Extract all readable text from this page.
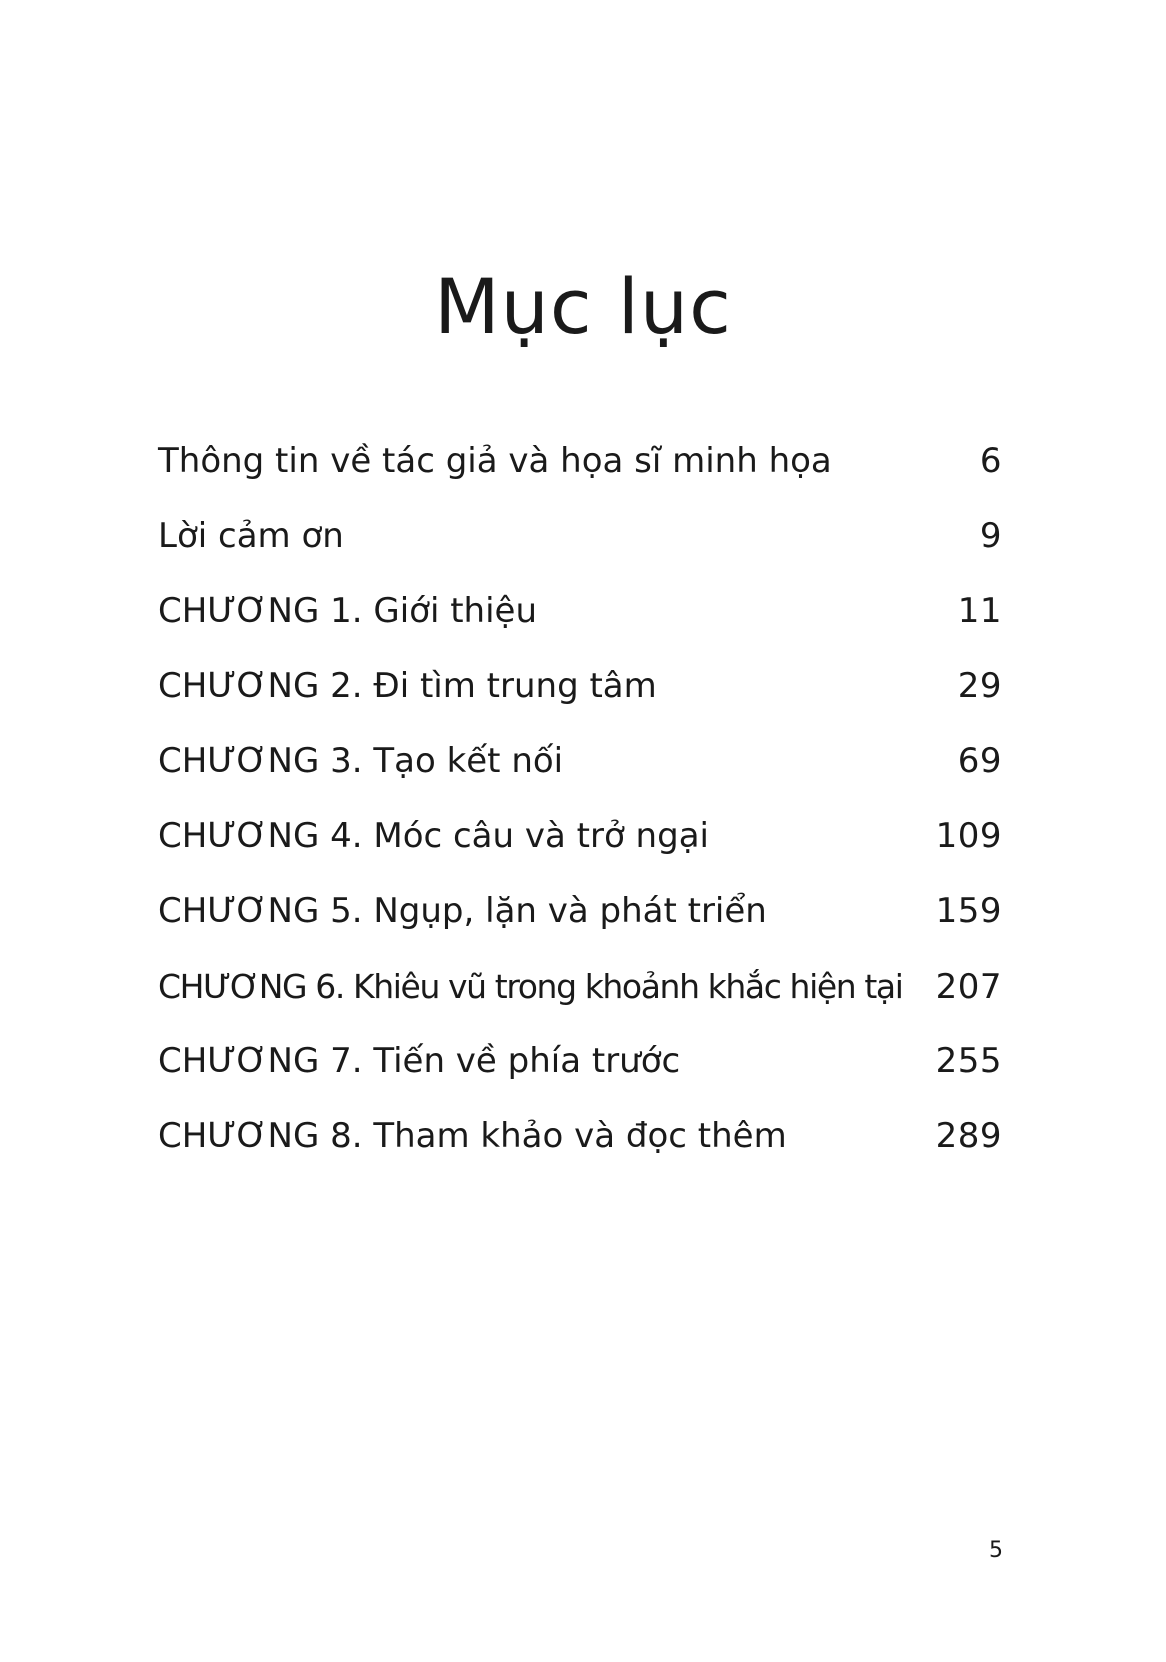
Mục lục
Thông tin về tác giả và họa sĩ minh họa	6
Lời cảm ơn	9
CHƯƠNG 1. Giới thiệu	11
CHƯƠNG 2. Đi tìm trung tâm	29
CHƯƠNG 3. Tạo kết nối	69
CHƯƠNG 4. Móc câu và trở ngại	109
CHƯƠNG 5. Ngụp, lặn và phát triển	159
CHƯƠNG 6. Khiêu vũ trong khoảnh khắc hiện tại 207
CHƯƠNG 7. Tiến về phía trước	255
CHƯƠNG 8. Tham khảo và đọc thêm	289
5
